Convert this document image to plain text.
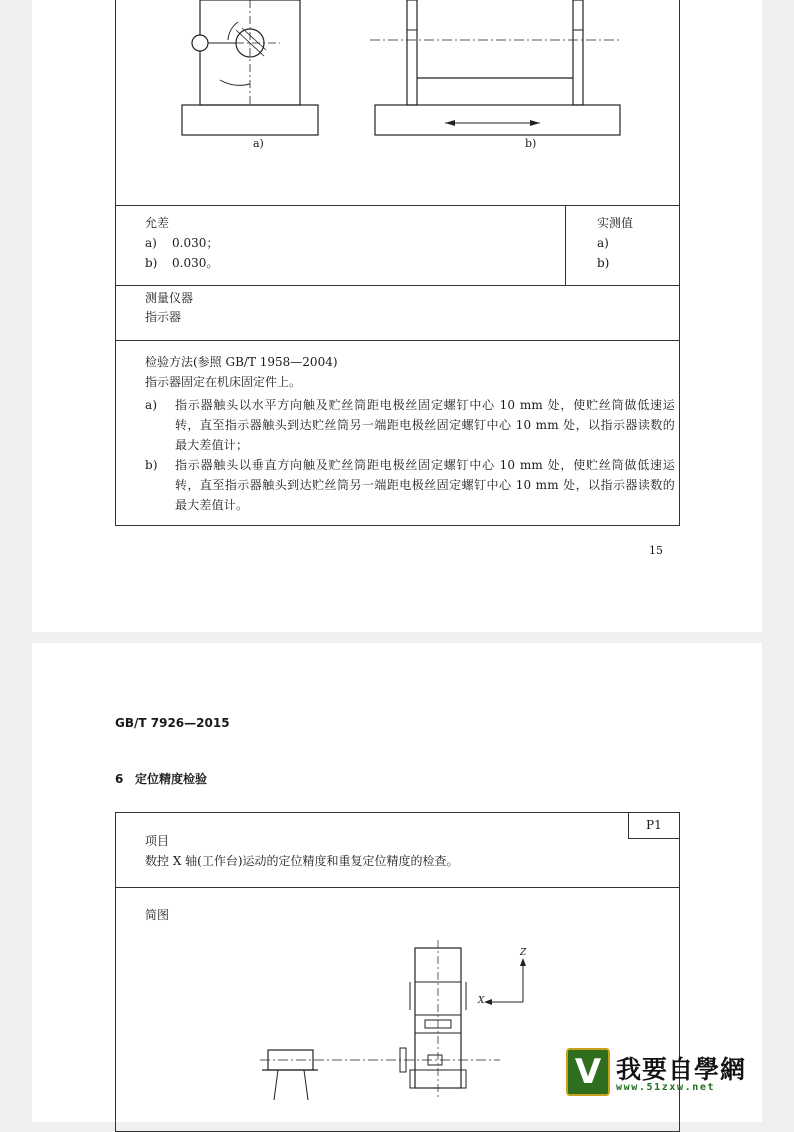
a)	b)
允差
a) 0.030；
b) 0.030。
实测值
a)
b)
测量仪器
指示器
检验方法(参照 GB/T 1958—2004)
指示器固定在机床固定件上。
a) 指示器触头以水平方向触及贮丝筒距电极丝固定螺钉中心 10 mm 处，使贮丝筒做低速运转，直至指示器触头到达贮丝筒另一端距电极丝固定螺钉中心 10 mm 处，以指示器读数的最大差值计；
b) 指示器触头以垂直方向触及贮丝筒距电极丝固定螺钉中心 10 mm 处，使贮丝筒做低速运转，直至指示器触头到达贮丝筒另一端距电极丝固定螺钉中心 10 mm 处，以指示器读数的最大差值计。
15
GB/T 7926—2015
6 定位精度检验
P1
项目
数控 X 轴(工作台)运动的定位精度和重复定位精度的检查。
简图
Z
X
V 我要自學網
www.51zxw.net
